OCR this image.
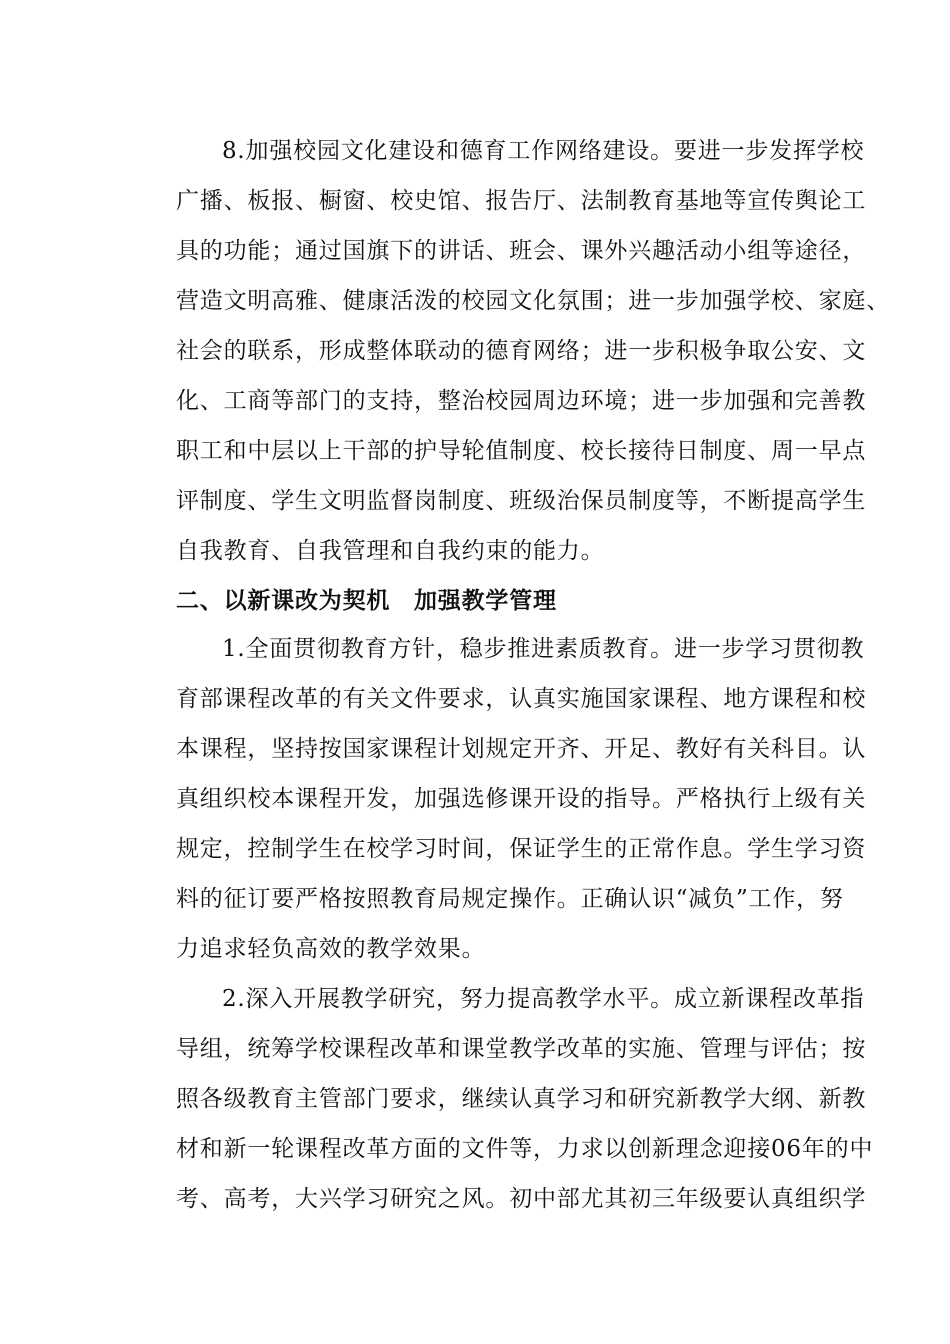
8.加强校园文化建设和德育工作网络建设。要进一步发挥学校
广播、板报、橱窗、校史馆、报告厅、法制教育基地等宣传舆论工
具的功能；通过国旗下的讲话、班会、课外兴趣活动小组等途径，
营造文明高雅、健康活泼的校园文化氛围；进一步加强学校、家庭、
社会的联系，形成整体联动的德育网络；进一步积极争取公安、文
化、工商等部门的支持，整治校园周边环境；进一步加强和完善教
职工和中层以上干部的护导轮值制度、校长接待日制度、周一早点
评制度、学生文明监督岗制度、班级治保员制度等，不断提高学生
自我教育、自我管理和自我约束的能力。
二、以新课改为契机　加强教学管理
1.全面贯彻教育方针，稳步推进素质教育。进一步学习贯彻教
育部课程改革的有关文件要求，认真实施国家课程、地方课程和校
本课程，坚持按国家课程计划规定开齐、开足、教好有关科目。认
真组织校本课程开发，加强选修课开设的指导。严格执行上级有关
规定，控制学生在校学习时间，保证学生的正常作息。学生学习资
料的征订要严格按照教育局规定操作。正确认识“减负”工作，努
力追求轻负高效的教学效果。
2.深入开展教学研究，努力提高教学水平。成立新课程改革指
导组，统筹学校课程改革和课堂教学改革的实施、管理与评估；按
照各级教育主管部门要求，继续认真学习和研究新教学大纲、新教
材和新一轮课程改革方面的文件等，力求以创新理念迎接06年的中
考、高考，大兴学习研究之风。初中部尤其初三年级要认真组织学
